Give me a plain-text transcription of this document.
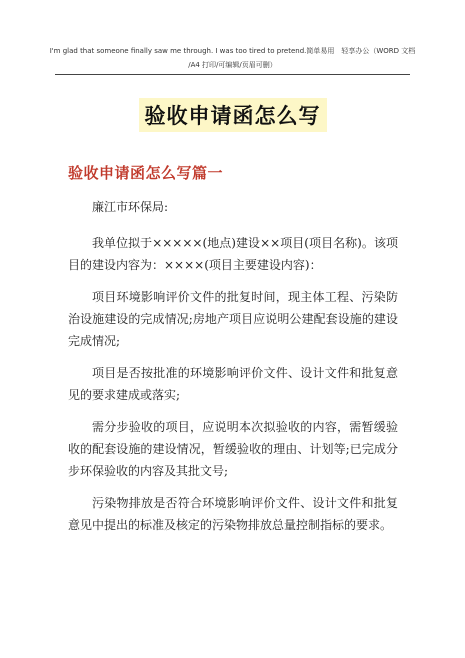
I'm glad that someone finally saw me through. I was too tired to pretend.简单易用　轻享办公（WORD 文档
/A4 打印/可编辑/页眉可删）
验收申请函怎么写
验收申请函怎么写篇一

廉江市环保局:

我单位拟于×××××(地点)建设××项目(项目名称)。该项目的建设内容为：××××(项目主要建设内容)：

项目环境影响评价文件的批复时间，现主体工程、污染防治设施建设的完成情况;房地产项目应说明公建配套设施的建设完成情况;

项目是否按批准的环境影响评价文件、设计文件和批复意见的要求建成或落实;

需分步验收的项目，应说明本次拟验收的内容，需暂缓验收的配套设施的建设情况，暂缓验收的理由、计划等;已完成分步环保验收的内容及其批文号;

污染物排放是否符合环境影响评价文件、设计文件和批复意见中提出的标准及核定的污染物排放总量控制指标的要求。
